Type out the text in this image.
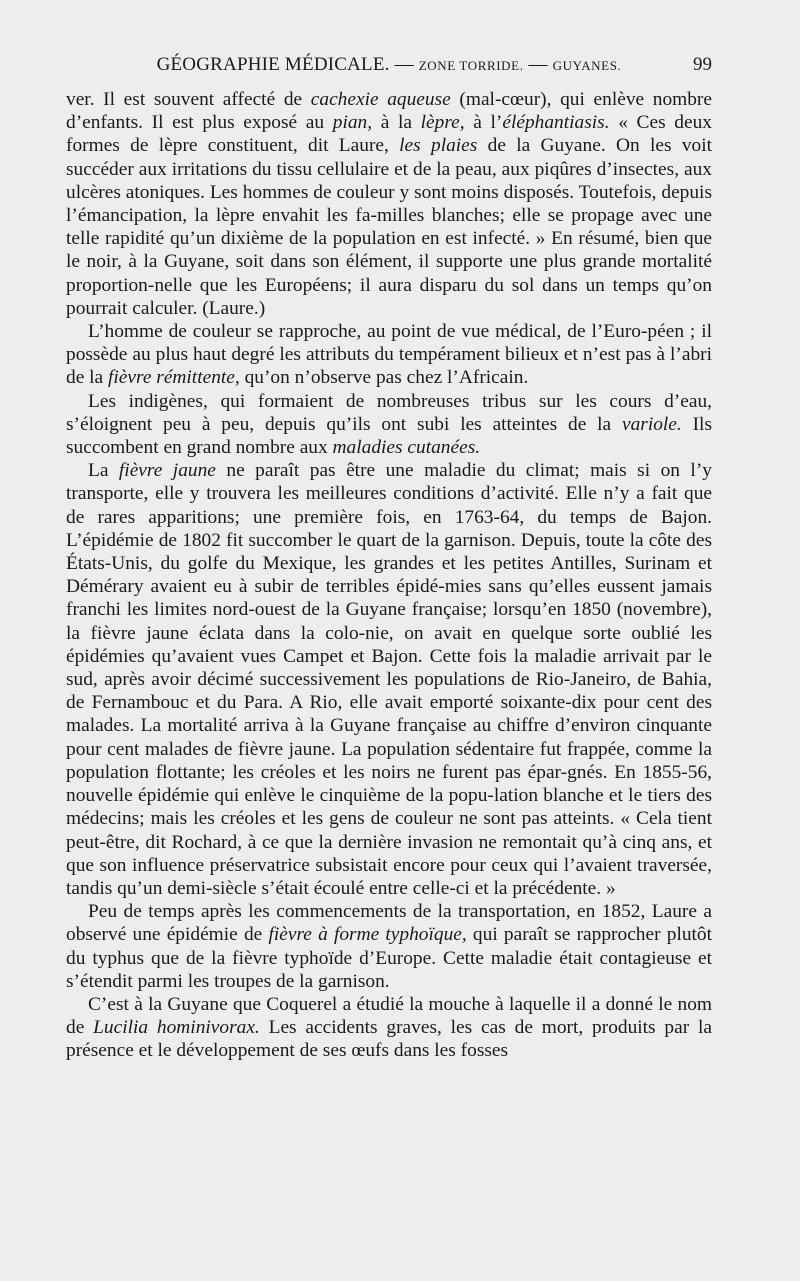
GÉOGRAPHIE MÉDICALE. — ZONE TORRIDE. — GUYANES.	99

ver. Il est souvent affecté de cachexie aqueuse (mal-cœur), qui enlève nombre d’enfants. Il est plus exposé au pian, à la lèpre, à l’éléphantiasis. « Ces deux formes de lèpre constituent, dit Laure, les plaies de la Guyane. On les voit succéder aux irritations du tissu cellulaire et de la peau, aux piqûres d’insectes, aux ulcères atoniques. Les hommes de couleur y sont moins disposés. Toutefois, depuis l’émancipation, la lèpre envahit les fa-milles blanches; elle se propage avec une telle rapidité qu’un dixième de la population en est infecté. » En résumé, bien que le noir, à la Guyane, soit dans son élément, il supporte une plus grande mortalité proportion-nelle que les Européens; il aura disparu du sol dans un temps qu’on pourrait calculer. (Laure.)

L’homme de couleur se rapproche, au point de vue médical, de l’Euro-péen ; il possède au plus haut degré les attributs du tempérament bilieux et n’est pas à l’abri de la fièvre rémittente, qu’on n’observe pas chez l’Africain.

Les indigènes, qui formaient de nombreuses tribus sur les cours d’eau, s’éloignent peu à peu, depuis qu’ils ont subi les atteintes de la variole. Ils succombent en grand nombre aux maladies cutanées.

La fièvre jaune ne paraît pas être une maladie du climat; mais si on l’y transporte, elle y trouvera les meilleures conditions d’activité. Elle n’y a fait que de rares apparitions; une première fois, en 1763-64, du temps de Bajon. L’épidémie de 1802 fit succomber le quart de la garnison. Depuis, toute la côte des États-Unis, du golfe du Mexique, les grandes et les petites Antilles, Surinam et Démérary avaient eu à subir de terribles épidé-mies sans qu’elles eussent jamais franchi les limites nord-ouest de la Guyane française; lorsqu’en 1850 (novembre), la fièvre jaune éclata dans la colo-nie, on avait en quelque sorte oublié les épidémies qu’avaient vues Campet et Bajon. Cette fois la maladie arrivait par le sud, après avoir décimé successivement les populations de Rio-Janeiro, de Bahia, de Fernambouc et du Para. A Rio, elle avait emporté soixante-dix pour cent des malades. La mortalité arriva à la Guyane française au chiffre d’environ cinquante pour cent malades de fièvre jaune. La population sédentaire fut frappée, comme la population flottante; les créoles et les noirs ne furent pas épar-gnés. En 1855-56, nouvelle épidémie qui enlève le cinquième de la popu-lation blanche et le tiers des médecins; mais les créoles et les gens de couleur ne sont pas atteints. « Cela tient peut-être, dit Rochard, à ce que la dernière invasion ne remontait qu’à cinq ans, et que son influence préservatrice subsistait encore pour ceux qui l’avaient traversée, tandis qu’un demi-siècle s’était écoulé entre celle-ci et la précédente. »

Peu de temps après les commencements de la transportation, en 1852, Laure a observé une épidémie de fièvre à forme typhoïque, qui paraît se rapprocher plutôt du typhus que de la fièvre typhoïde d’Europe. Cette maladie était contagieuse et s’étendit parmi les troupes de la garnison.

C’est à la Guyane que Coquerel a étudié la mouche à laquelle il a donné le nom de Lucilia hominivorax. Les accidents graves, les cas de mort, produits par la présence et le développement de ses œufs dans les fosses
